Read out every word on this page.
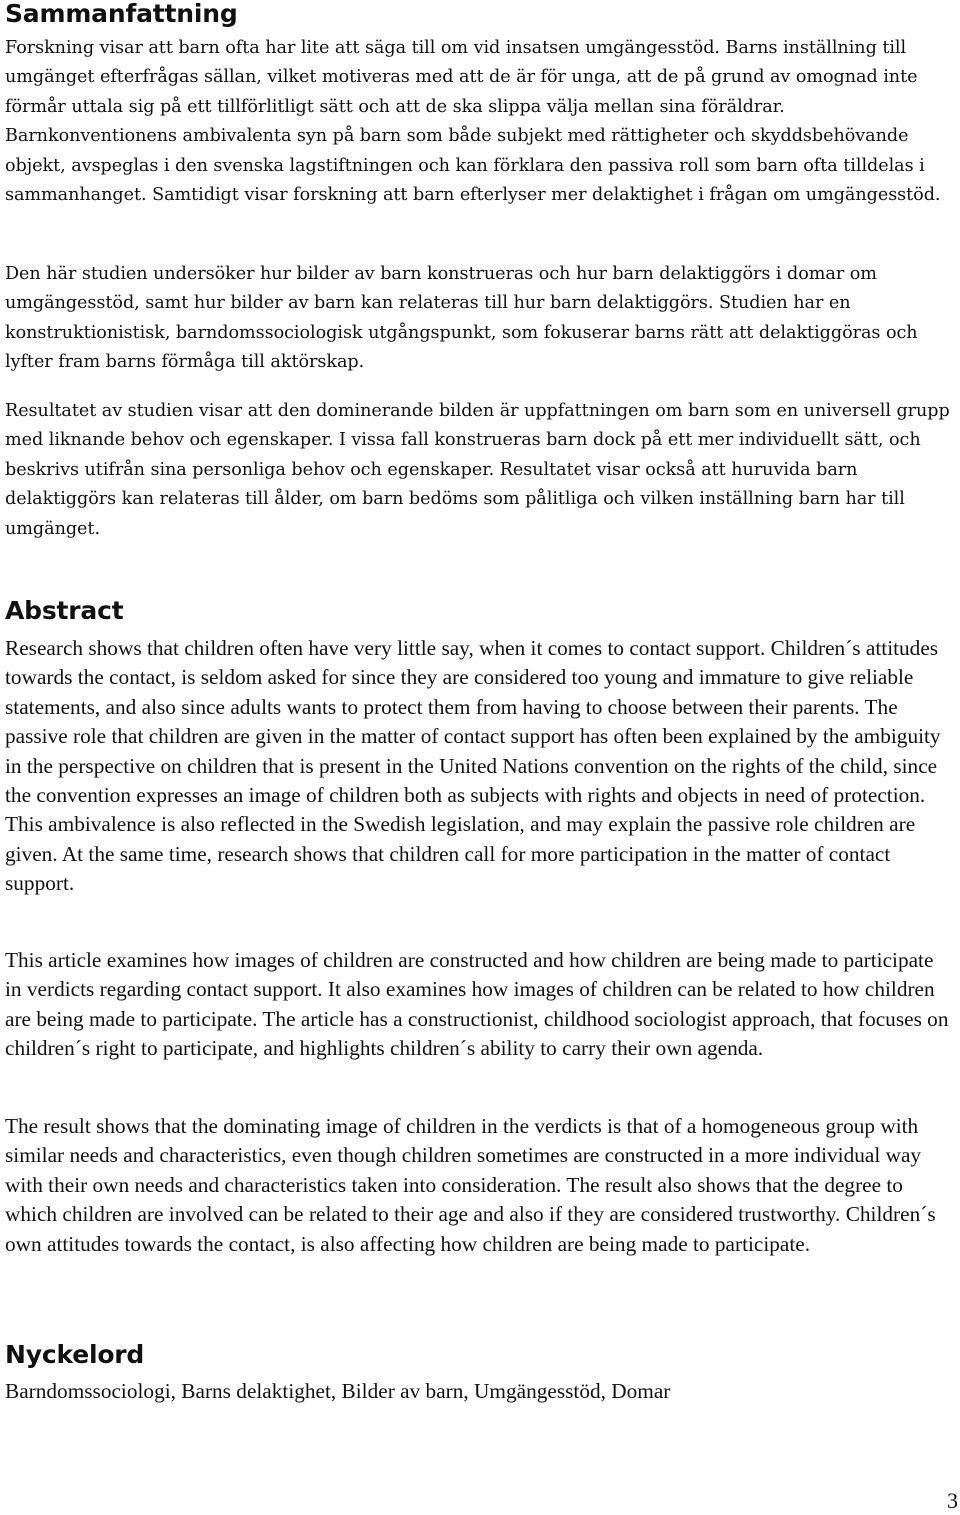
Sammanfattning

Forskning visar att barn ofta har lite att säga till om vid insatsen umgängesstöd. Barns inställning till umgänget efterfrågas sällan, vilket motiveras med att de är för unga, att de på grund av omognad inte förmår uttala sig på ett tillförlitligt sätt och att de ska slippa välja mellan sina föräldrar. Barnkonventionens ambivalenta syn på barn som både subjekt med rättigheter och skyddsbehövande objekt, avspeglas i den svenska lagstiftningen och kan förklara den passiva roll som barn ofta tilldelas i sammanhanget. Samtidigt visar forskning att barn efterlyser mer delaktighet i frågan om umgängesstöd.

Den här studien undersöker hur bilder av barn konstrueras och hur barn delaktiggörs i domar om umgängesstöd, samt hur bilder av barn kan relateras till hur barn delaktiggörs. Studien har en konstruktionistisk, barndomssociologisk utgångspunkt, som fokuserar barns rätt att delaktiggöras och lyfter fram barns förmåga till aktörskap.

Resultatet av studien visar att den dominerande bilden är uppfattningen om barn som en universell grupp med liknande behov och egenskaper. I vissa fall konstrueras barn dock på ett mer individuellt sätt, och beskrivs utifrån sina personliga behov och egenskaper. Resultatet visar också att huruvida barn delaktiggörs kan relateras till ålder, om barn bedöms som pålitliga och vilken inställning barn har till umgänget.

Abstract

Research shows that children often have very little say, when it comes to contact support. Children´s attitudes towards the contact, is seldom asked for since they are considered too young and immature to give reliable statements, and also since adults wants to protect them from having to choose between their parents. The passive role that children are given in the matter of contact support has often been explained by the ambiguity in the perspective on children that is present in the United Nations convention on the rights of the child, since the convention expresses an image of children both as subjects with rights and objects in need of protection. This ambivalence is also reflected in the Swedish legislation, and may explain the passive role children are given. At the same time, research shows that children call for more participation in the matter of contact support.

This article examines how images of children are constructed and how children are being made to participate in verdicts regarding contact support. It also examines how images of children can be related to how children are being made to participate. The article has a constructionist, childhood sociologist approach, that focuses on children´s right to participate, and highlights children´s ability to carry their own agenda.

The result shows that the dominating image of children in the verdicts is that of a homogeneous group with similar needs and characteristics, even though children sometimes are constructed in a more individual way with their own needs and characteristics taken into consideration. The result also shows that the degree to which children are involved can be related to their age and also if they are considered trustworthy. Children´s own attitudes towards the contact, is also affecting how children are being made to participate.

Nyckelord

Barndomssociologi, Barns delaktighet, Bilder av barn, Umgängesstöd, Domar

3
